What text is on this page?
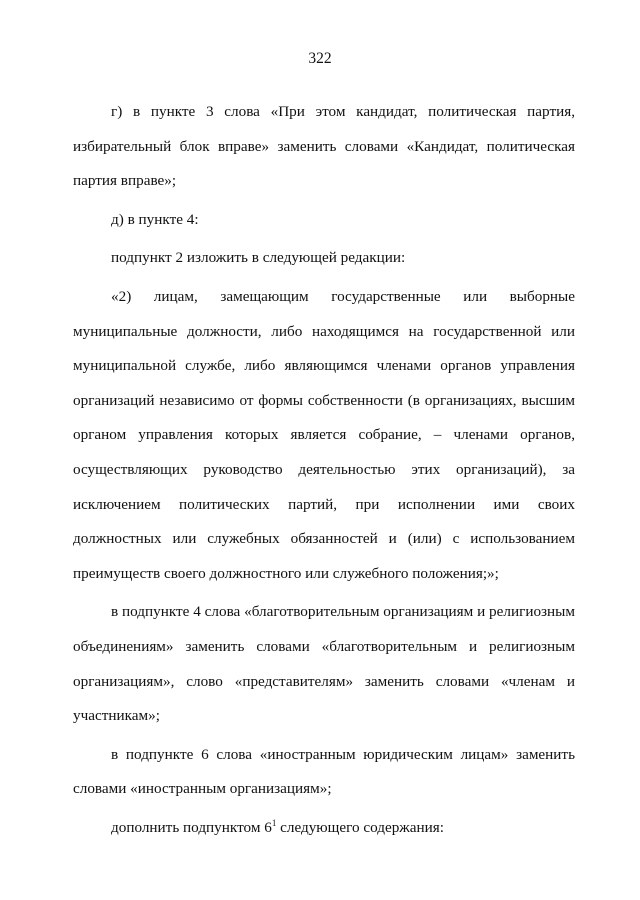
322

г) в пункте 3 слова «При этом кандидат, политическая партия, избирательный блок вправе» заменить словами «Кандидат, политическая партия вправе»;

д) в пункте 4:

подпункт 2 изложить в следующей редакции:

«2) лицам, замещающим государственные или выборные муниципальные должности, либо находящимся на государственной или муниципальной службе, либо являющимся членами органов управления организаций независимо от формы собственности (в организациях, высшим органом управления которых является собрание, – членами органов, осуществляющих руководство деятельностью этих организаций), за исключением политических партий, при исполнении ими своих должностных или служебных обязанностей и (или) с использованием преимуществ своего должностного или служебного положения;»;

в подпункте 4 слова «благотворительным организациям и религиозным объединениям» заменить словами «благотворительным и религиозным организациям», слово «представителям» заменить словами «членам и участникам»;

в подпункте 6 слова «иностранным юридическим лицам» заменить словами «иностранным организациям»;

дополнить подпунктом $6^1$ следующего содержания:
